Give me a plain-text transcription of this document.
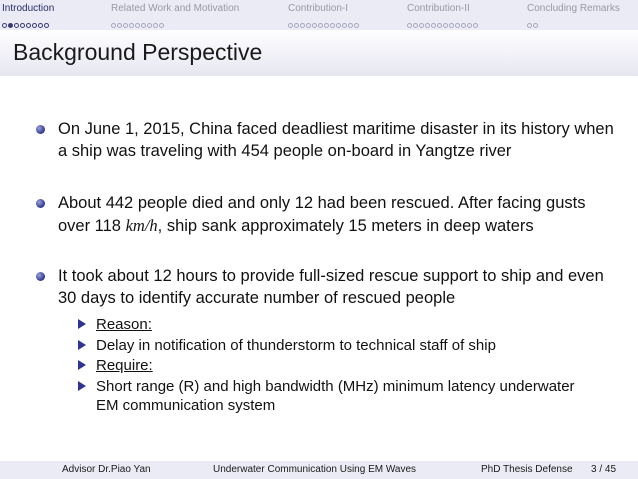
Introduction	Related Work and Motivation	Contribution-I	Contribution-II	Concluding Remarks
Background Perspective
On June 1, 2015, China faced deadliest maritime disaster in its history when a ship was traveling with 454 people on-board in Yangtze river
About 442 people died and only 12 had been rescued. After facing gusts over 118 km/h, ship sank approximately 15 meters in deep waters
It took about 12 hours to provide full-sized rescue support to ship and even 30 days to identify accurate number of rescued people
Reason:
Delay in notification of thunderstorm to technical staff of ship
Require:
Short range (R) and high bandwidth (MHz) minimum latency underwater EM communication system
Advisor Dr.Piao Yan	Underwater Communication Using EM Waves	PhD Thesis Defense 3 / 45
